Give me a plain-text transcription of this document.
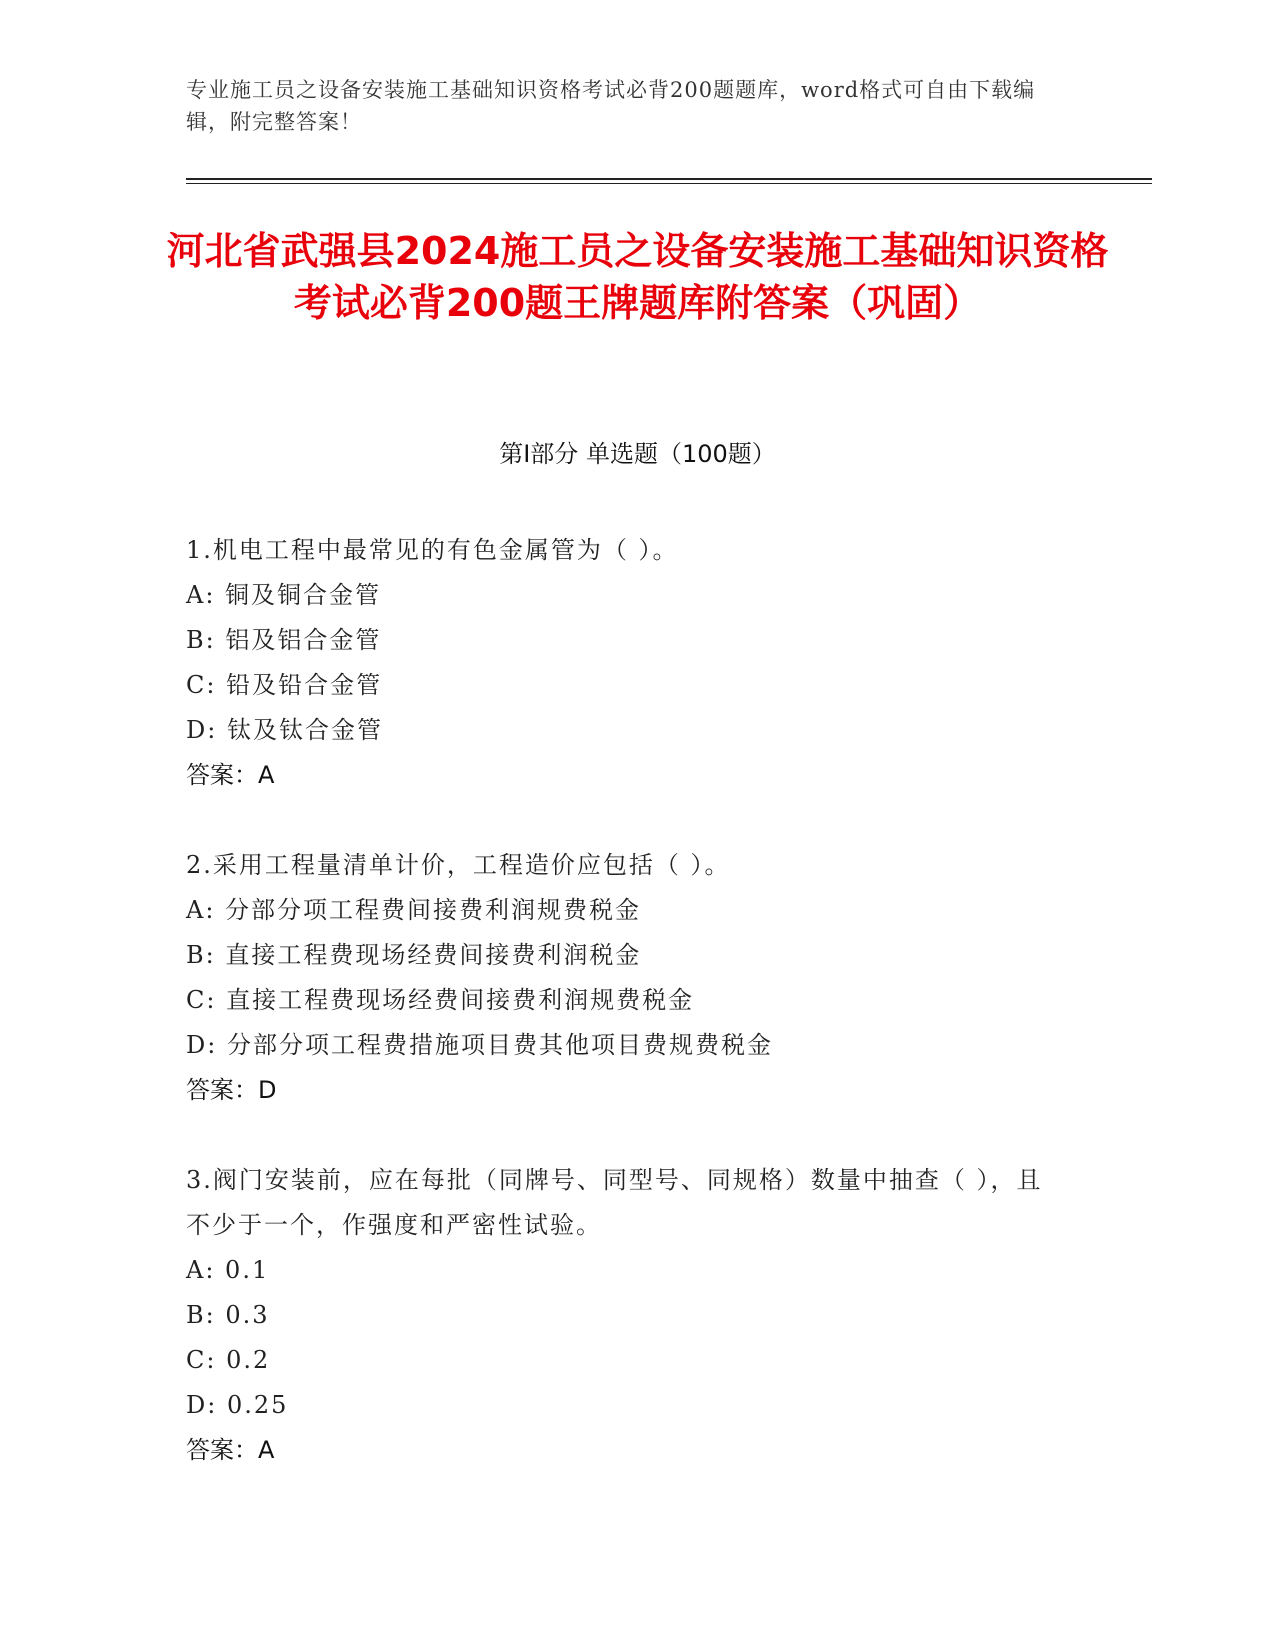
专业施工员之设备安装施工基础知识资格考试必背200题题库，word格式可自由下载编辑，附完整答案！
河北省武强县2024施工员之设备安装施工基础知识资格考试必背200题王牌题库附答案（巩固）
第Ⅰ部分 单选题（100题）
1.机电工程中最常见的有色金属管为（ ）。
A: 铜及铜合金管
B: 铝及铝合金管
C: 铅及铅合金管
D: 钛及钛合金管
答案：A
2.采用工程量清单计价，工程造价应包括（ ）。
A: 分部分项工程费间接费利润规费税金
B: 直接工程费现场经费间接费利润税金
C: 直接工程费现场经费间接费利润规费税金
D: 分部分项工程费措施项目费其他项目费规费税金
答案：D
3.阀门安装前，应在每批（同牌号、同型号、同规格）数量中抽查（ ），且不少于一个，作强度和严密性试验。
A: 0.1
B: 0.3
C: 0.2
D: 0.25
答案：A
